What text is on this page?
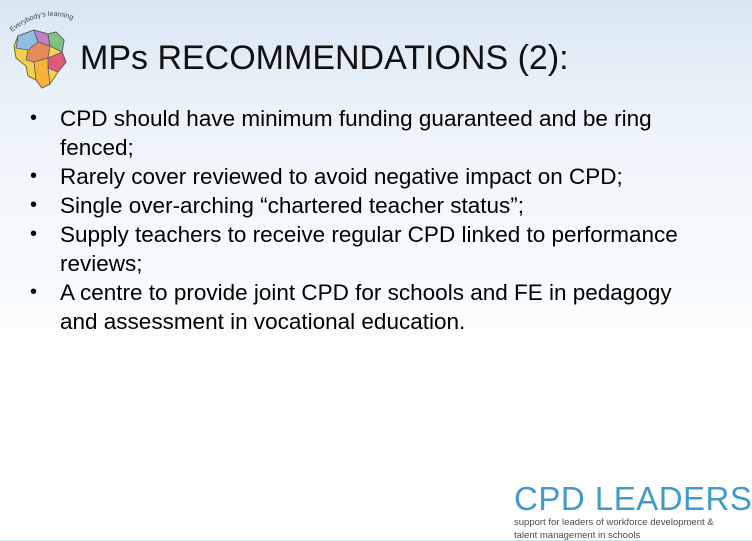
Everybody's learning
MPs RECOMMENDATIONS (2):
•	CPD should have minimum funding guaranteed and be ring fenced;
•	Rarely cover reviewed to avoid negative impact on CPD;
•	Single over-arching “chartered teacher status”;
•	Supply teachers to receive regular CPD linked to performance reviews;
•	A centre to provide joint CPD for schools and FE in pedagogy and assessment in vocational education.
CPD LEADERS
support for leaders of workforce development &
talent management in schools
